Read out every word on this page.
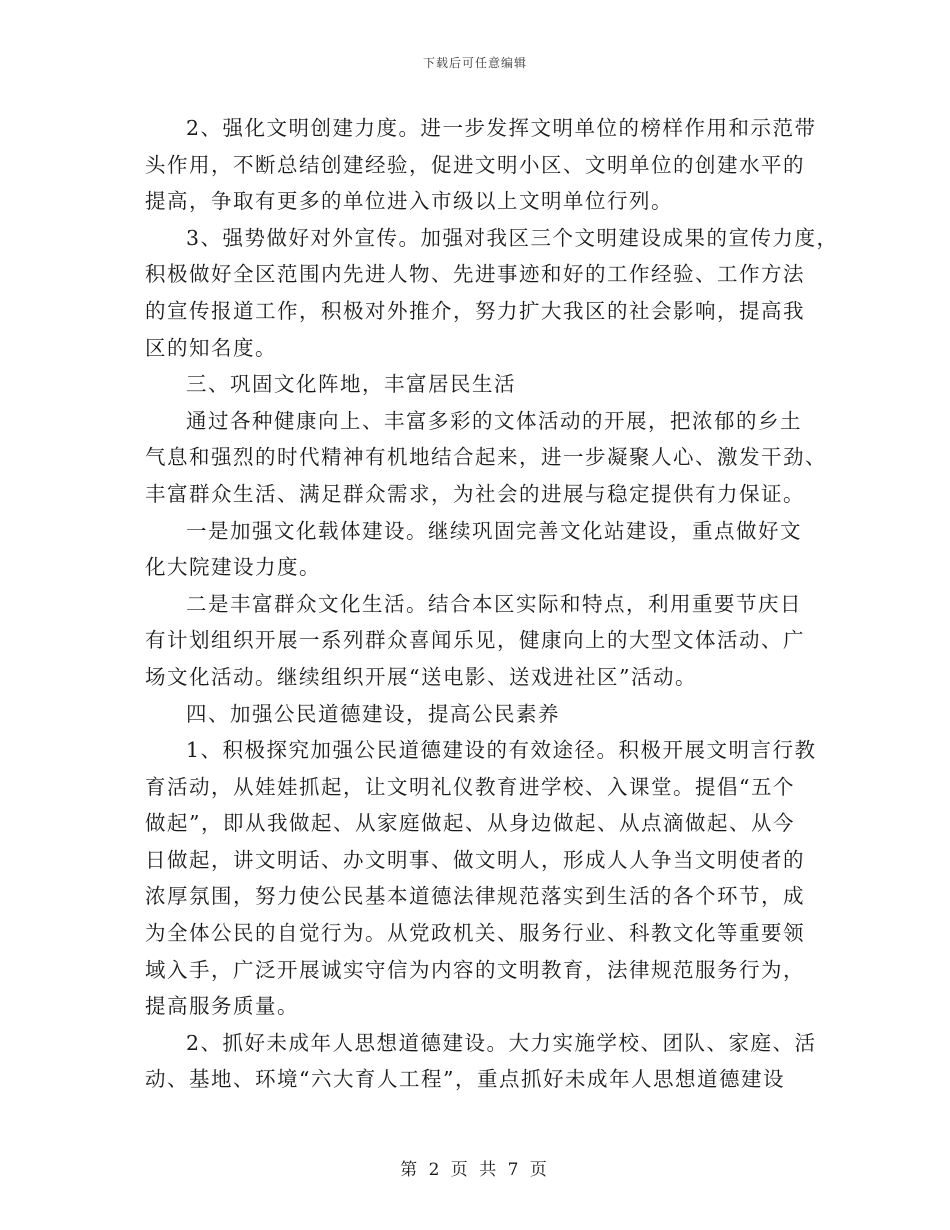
下载后可任意编辑
2、强化文明创建力度。进一步发挥文明单位的榜样作用和示范带
头作用，不断总结创建经验，促进文明小区、文明单位的创建水平的
提高，争取有更多的单位进入市级以上文明单位行列。
3、强势做好对外宣传。加强对我区三个文明建设成果的宣传力度，
积极做好全区范围内先进人物、先进事迹和好的工作经验、工作方法
的宣传报道工作，积极对外推介，努力扩大我区的社会影响，提高我
区的知名度。
三、巩固文化阵地，丰富居民生活
通过各种健康向上、丰富多彩的文体活动的开展，把浓郁的乡土
气息和强烈的时代精神有机地结合起来，进一步凝聚人心、激发干劲、
丰富群众生活、满足群众需求，为社会的进展与稳定提供有力保证。
一是加强文化载体建设。继续巩固完善文化站建设，重点做好文
化大院建设力度。
二是丰富群众文化生活。结合本区实际和特点，利用重要节庆日
有计划组织开展一系列群众喜闻乐见，健康向上的大型文体活动、广
场文化活动。继续组织开展“送电影、送戏进社区”活动。
四、加强公民道德建设，提高公民素养
1、积极探究加强公民道德建设的有效途径。积极开展文明言行教
育活动，从娃娃抓起，让文明礼仪教育进学校、入课堂。提倡“五个
做起”，即从我做起、从家庭做起、从身边做起、从点滴做起、从今
日做起，讲文明话、办文明事、做文明人，形成人人争当文明使者的
浓厚氛围，努力使公民基本道德法律规范落实到生活的各个环节，成
为全体公民的自觉行为。从党政机关、服务行业、科教文化等重要领
域入手，广泛开展诚实守信为内容的文明教育，法律规范服务行为，
提高服务质量。
2、抓好未成年人思想道德建设。大力实施学校、团队、家庭、活
动、基地、环境“六大育人工程”，重点抓好未成年人思想道德建设
第 2 页 共 7 页
